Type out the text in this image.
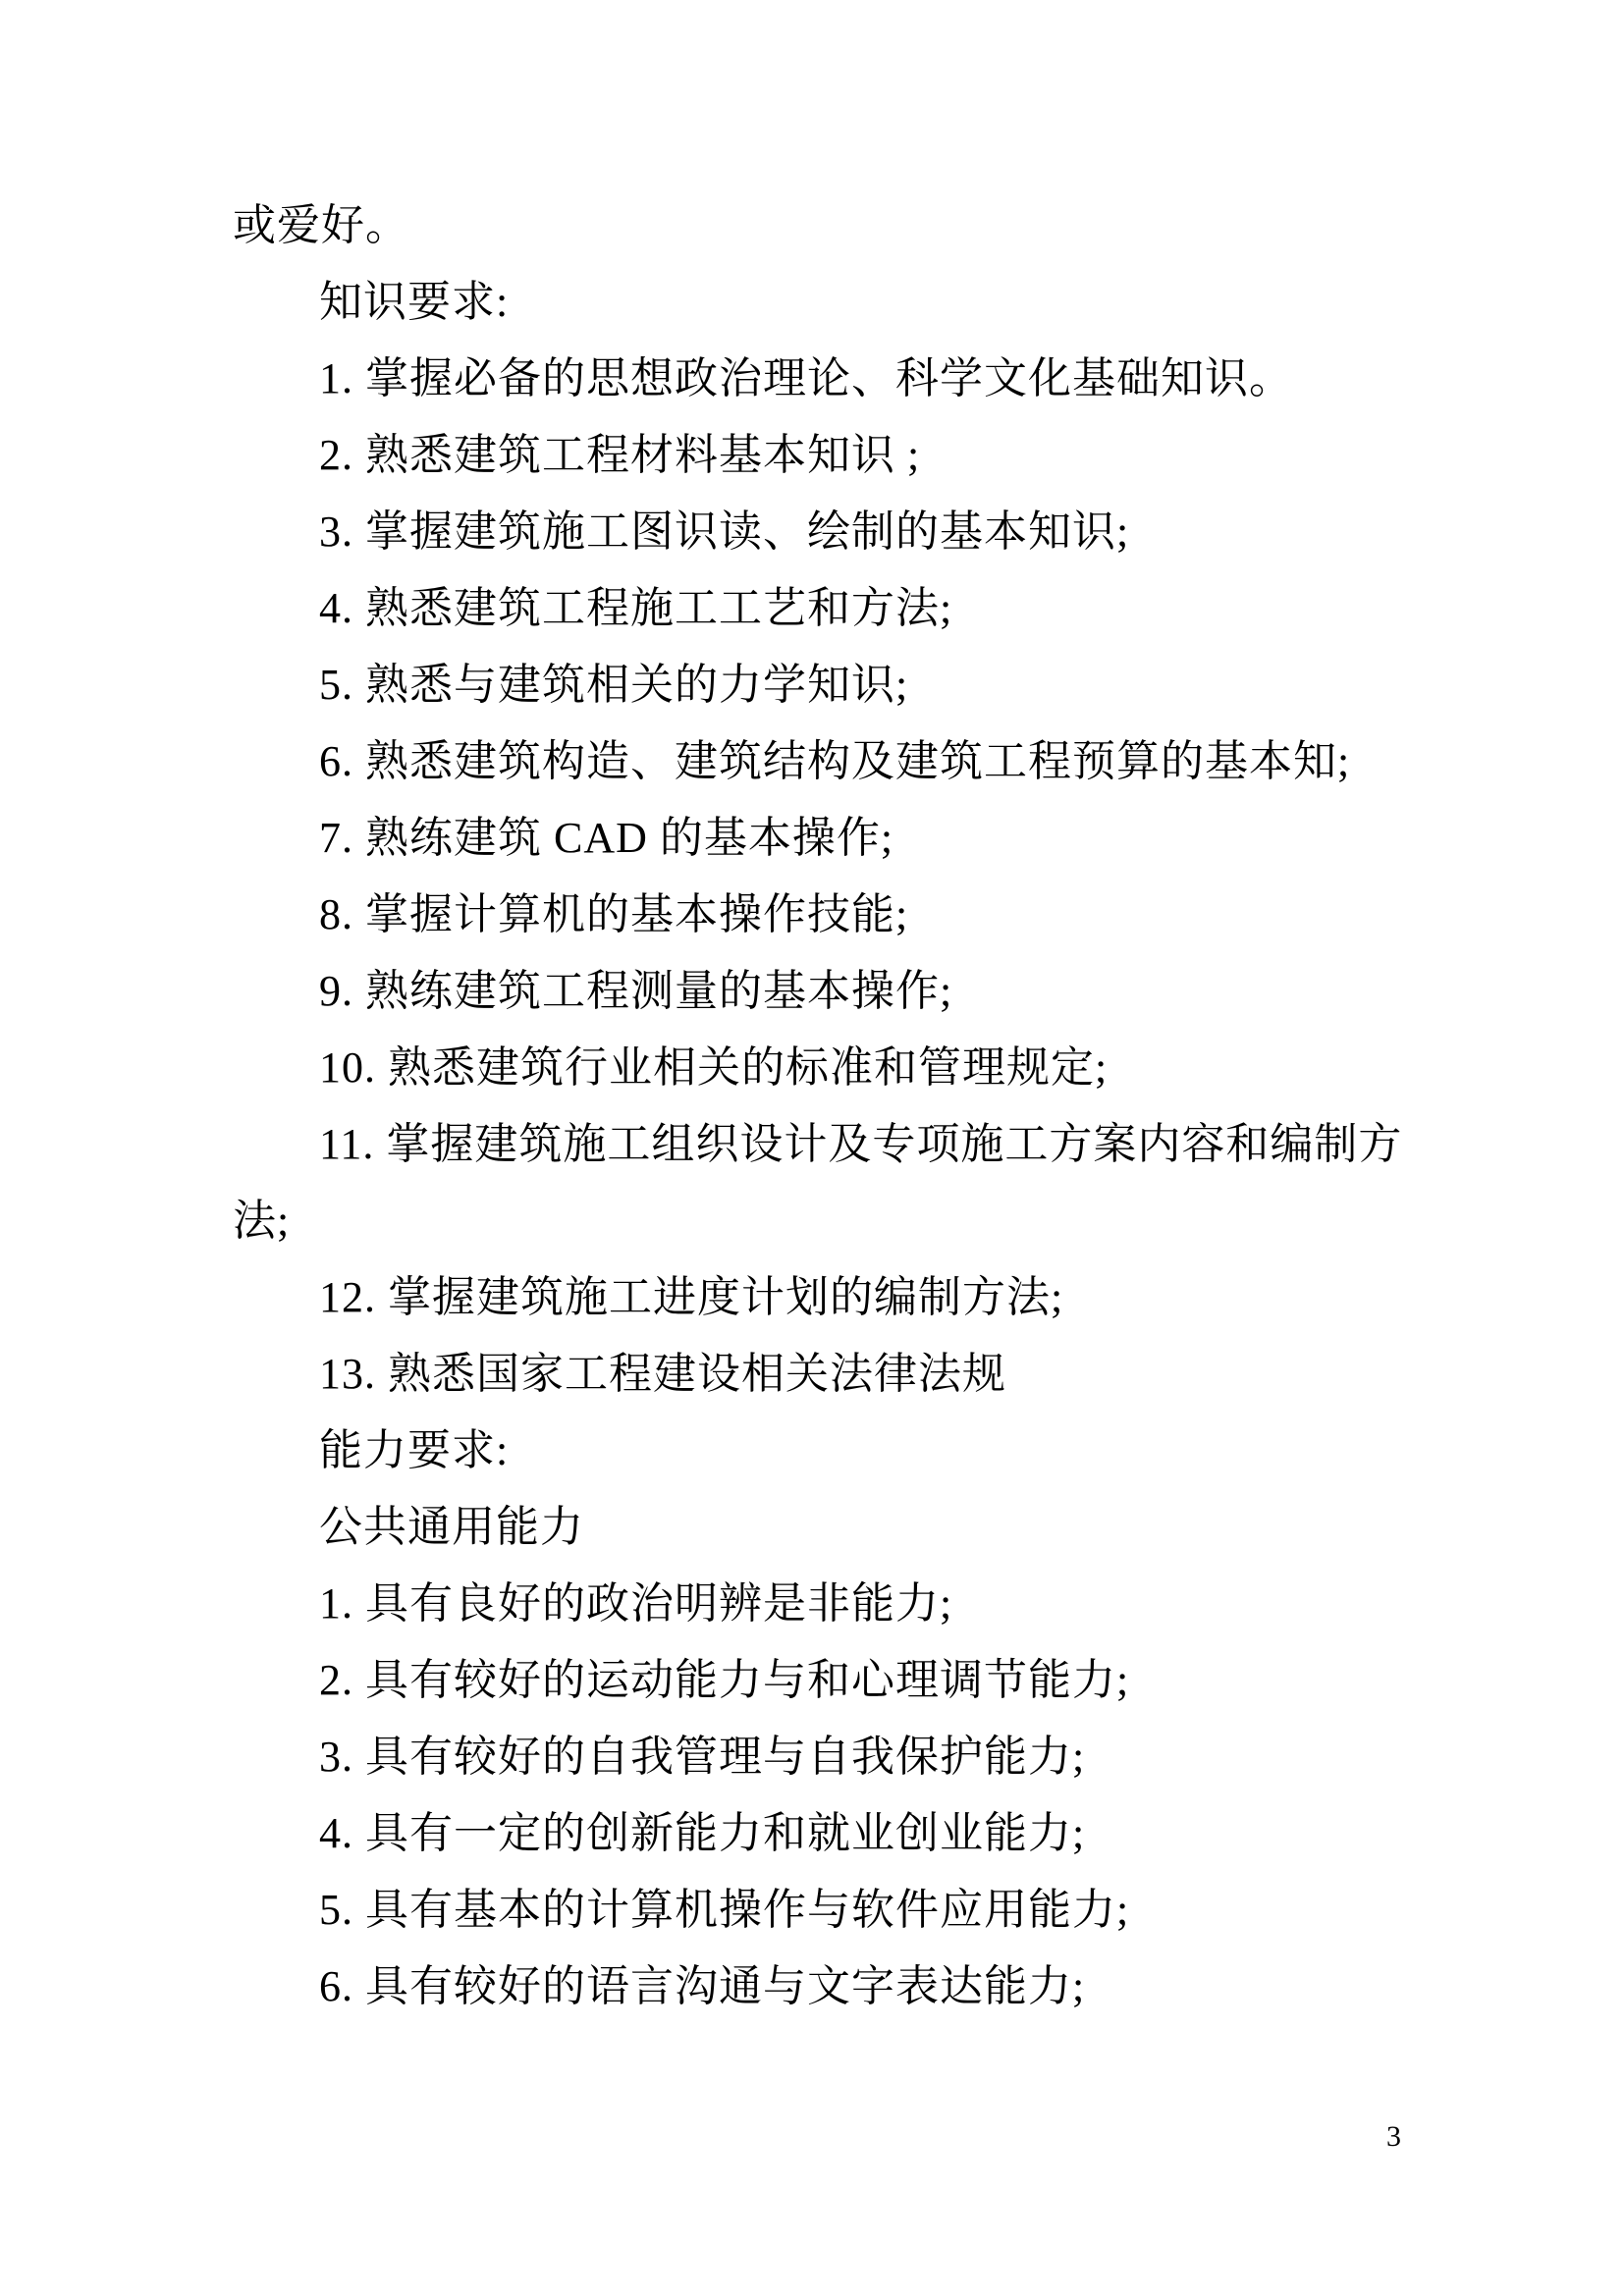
或爱好。
知识要求:
1. 掌握必备的思想政治理论、科学文化基础知识。
2. 熟悉建筑工程材料基本知识 ;
3. 掌握建筑施工图识读、绘制的基本知识;
4. 熟悉建筑工程施工工艺和方法;
5. 熟悉与建筑相关的力学知识;
6. 熟悉建筑构造、建筑结构及建筑工程预算的基本知;
7. 熟练建筑 CAD 的基本操作;
8. 掌握计算机的基本操作技能;
9. 熟练建筑工程测量的基本操作;
10. 熟悉建筑行业相关的标准和管理规定;
11. 掌握建筑施工组织设计及专项施工方案内容和编制方
法;
12. 掌握建筑施工进度计划的编制方法;
13. 熟悉国家工程建设相关法律法规
能力要求:
公共通用能力
1. 具有良好的政治明辨是非能力;
2. 具有较好的运动能力与和心理调节能力;
3. 具有较好的自我管理与自我保护能力;
4. 具有一定的创新能力和就业创业能力;
5. 具有基本的计算机操作与软件应用能力;
6. 具有较好的语言沟通与文字表达能力;
3
